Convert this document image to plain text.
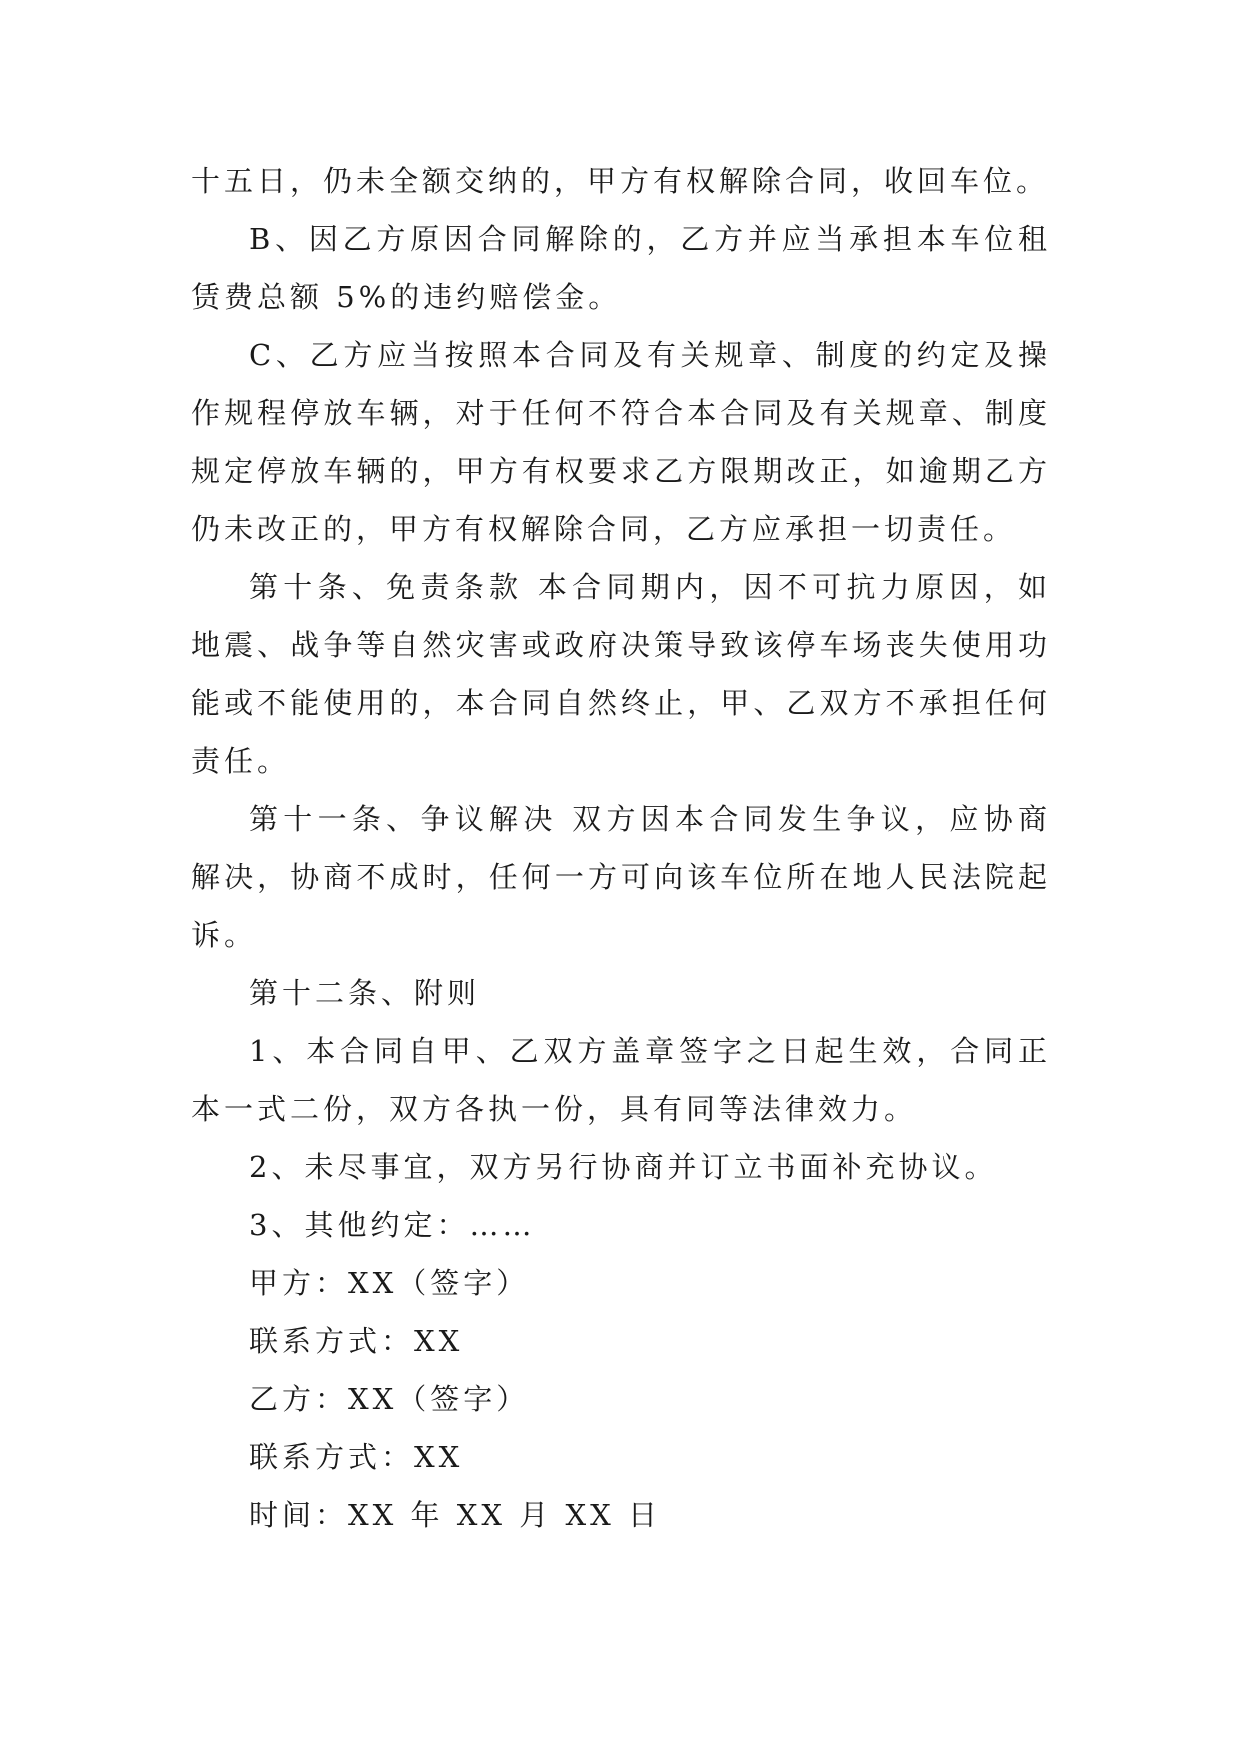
十五日，仍未全额交纳的，甲方有权解除合同，收回车位。

B、因乙方原因合同解除的，乙方并应当承担本车位租赁费总额 5%的违约赔偿金。

C、乙方应当按照本合同及有关规章、制度的约定及操作规程停放车辆，对于任何不符合本合同及有关规章、制度规定停放车辆的，甲方有权要求乙方限期改正，如逾期乙方仍未改正的，甲方有权解除合同，乙方应承担一切责任。

第十条、免责条款 本合同期内，因不可抗力原因，如地震、战争等自然灾害或政府决策导致该停车场丧失使用功能或不能使用的，本合同自然终止，甲、乙双方不承担任何责任。

第十一条、争议解决 双方因本合同发生争议，应协商解决，协商不成时，任何一方可向该车位所在地人民法院起诉。

第十二条、附则

1、本合同自甲、乙双方盖章签字之日起生效，合同正本一式二份，双方各执一份，具有同等法律效力。

2、未尽事宜，双方另行协商并订立书面补充协议。

3、其他约定：……

甲方：XX（签字）

联系方式：XX

乙方：XX（签字）

联系方式：XX

时间：XX 年 XX 月 XX 日
